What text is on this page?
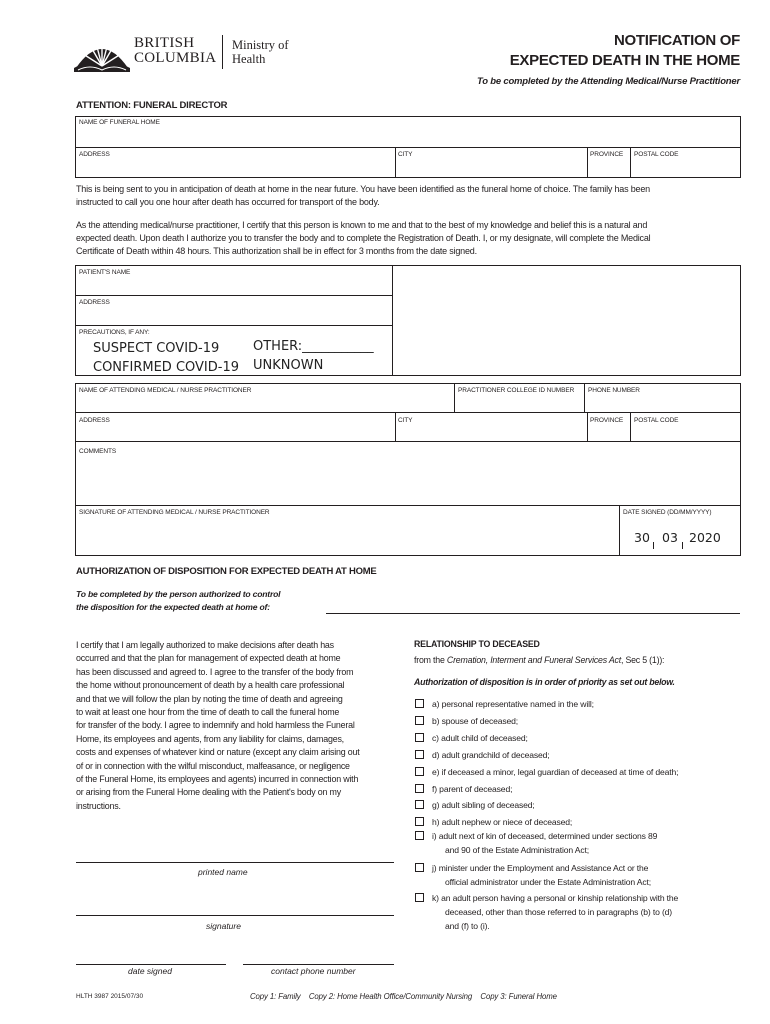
BRITISH
COLUMBIA
Ministry of
Health
NOTIFICATION OF
EXPECTED DEATH IN THE HOME
To be completed by the Attending Medical/Nurse Practitioner
ATTENTION: FUNERAL DIRECTOR
NAME OF FUNERAL HOME
ADDRESS	CITY	PROVINCE POSTAL CODE
This is being sent to you in anticipation of death at home in the near future. You have been identified as the funeral home of choice. The family has been
instructed to call you one hour after death has occurred for transport of the body.
As the attending medical/nurse practitioner, I certify that this person is known to me and that to the best of my knowledge and belief this is a natural and
expected death. Upon death I authorize you to transfer the body and to complete the Registration of Death. I, or my designate, will complete the Medical
Certificate of Death within 48 hours. This authorization shall be in effect for 3 months from the date signed.
PATIENT'S NAME
ADDRESS
PRECAUTIONS, IF ANY:
SUSPECT COVID-19
CONFIRMED COVID-19
OTHER:___________
UNKNOWN
NAME OF ATTENDING MEDICAL / NURSE PRACTITIONER	PRACTITIONER COLLEGE ID NUMBER PHONE NUMBER
ADDRESS	CITY	PROVINCE POSTAL CODE
COMMENTS
SIGNATURE OF ATTENDING MEDICAL / NURSE PRACTITIONER	DATE SIGNED (DD/MM/YYYY)
30 03 2020
AUTHORIZATION OF DISPOSITION FOR EXPECTED DEATH AT HOME
To be completed by the person authorized to control
the disposition for the expected death at home of:
I certify that I am legally authorized to make decisions after death has
occurred and that the plan for management of expected death at home
has been discussed and agreed to. I agree to the transfer of the body from
the home without pronouncement of death by a health care professional
and that we will follow the plan by noting the time of death and agreeing
to wait at least one hour from the time of death to call the funeral home
for transfer of the body. I agree to indemnify and hold harmless the Funeral
Home, its employees and agents, from any liability for claims, damages,
costs and expenses of whatever kind or nature (except any claim arising out
of or in connection with the wilful misconduct, malfeasance, or negligence
of the Funeral Home, its employees and agents) incurred in connection with
or arising from the Funeral Home dealing with the Patient's body on my
instructions.
printed name
signature
date signed	contact phone number
RELATIONSHIP TO DECEASED
from the Cremation, Interment and Funeral Services Act, Sec 5 (1)):
Authorization of disposition is in order of priority as set out below.
a) personal representative named in the will;
b) spouse of deceased;
c) adult child of deceased;
d) adult grandchild of deceased;
e) if deceased a minor, legal guardian of deceased at time of death;
f) parent of deceased;
g) adult sibling of deceased;
h) adult nephew or niece of deceased;
i) adult next of kin of deceased, determined under sections 89
and 90 of the Estate Administration Act;
j) minister under the Employment and Assistance Act or the
official administrator under the Estate Administration Act;
k) an adult person having a personal or kinship relationship with the
deceased, other than those referred to in paragraphs (b) to (d)
and (f) to (i).
HLTH 3987 2015/07/30	Copy 1: Family Copy 2: Home Health Office/Community Nursing Copy 3: Funeral Home
